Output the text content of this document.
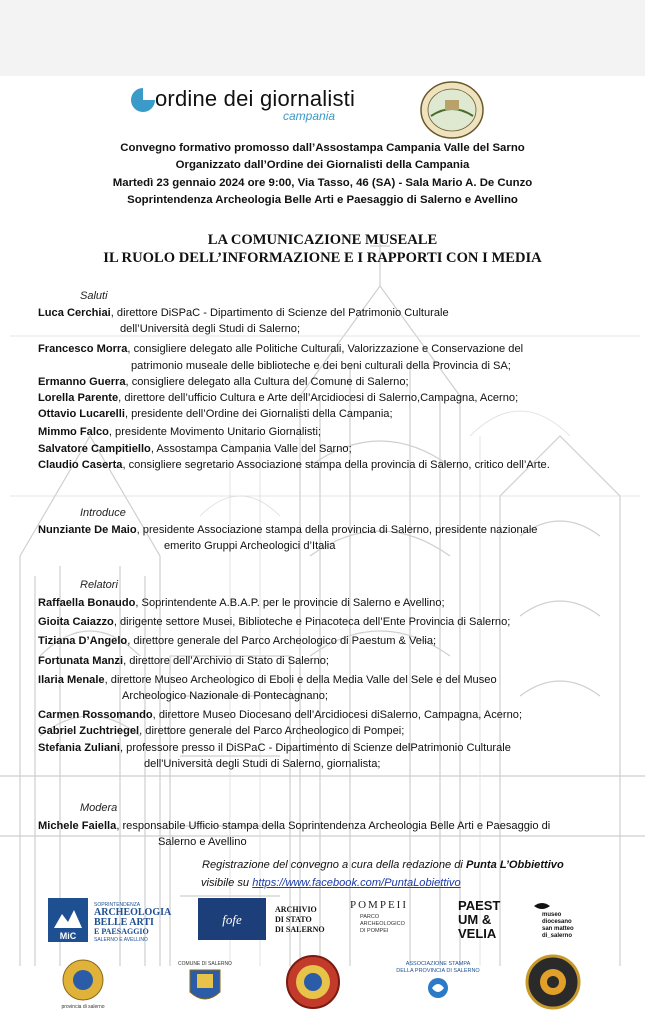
ordine dei giornalisti
campania
Convegno formativo promosso dall’Assostampa Campania Valle del Sarno
Organizzato dall’Ordine dei Giornalisti della Campania
Martedì 23 gennaio 2024 ore 9:00, Via Tasso, 46 (SA) - Sala Mario A. De Cunzo
Soprintendenza Archeologia Belle Arti e Paesaggio di Salerno e Avellino
LA COMUNICAZIONE MUSEALE
IL RUOLO DELL’INFORMAZIONE E I RAPPORTI CON I MEDIA
Saluti
Luca Cerchiai, direttore DiSPaC - Dipartimento di Scienze del Patrimonio Culturale
dell’Università degli Studi di Salerno;
Francesco Morra, consigliere delegato alle Politiche Culturali, Valorizzazione e Conservazione del
patrimonio museale delle biblioteche e dei beni culturali della Provincia di SA;
Ermanno Guerra, consigliere delegato alla Cultura del Comune di Salerno;
Lorella Parente, direttore dell’ufficio Cultura e Arte dell’Arcidiocesi di Salerno,Campagna, Acerno;
Ottavio Lucarelli, presidente dell’Ordine dei Giornalisti della Campania;
Mimmo Falco, presidente Movimento Unitario Giornalisti;
Salvatore Campitiello, Assostampa Campania Valle del Sarno;
Claudio Caserta, consigliere segretario Associazione stampa della provincia di Salerno, critico dell’Arte.
Introduce
Nunziante De Maio, presidente Associazione stampa della provincia di Salerno, presidente nazionale
emerito Gruppi Archeologici d’Italia
Relatori
Raffaella Bonaudo, Soprintendente A.B.A.P. per le provincie di Salerno e Avellino;
Gioita Caiazzo, dirigente settore Musei, Biblioteche e Pinacoteca dell’Ente Provincia di Salerno;
Tiziana D’Angelo, direttore generale del Parco Archeologico di Paestum & Velia;
Fortunata Manzi, direttore dell’Archivio di Stato di Salerno;
Ilaria Menale, direttore Museo Archeologico di Eboli e della Media Valle del Sele e del Museo
Archeologico Nazionale di Pontecagnano;
Carmen Rossomando, direttore Museo Diocesano dell’Arcidiocesi diSalerno, Campagna, Acerno;
Gabriel Zuchtriegel, direttore generale del Parco Archeologico di Pompei;
Stefania Zuliani, professore presso il DiSPaC - Dipartimento di Scienze delPatrimonio Culturale
dell'Università degli Studi di Salerno, giornalista;
Modera
Michele Faiella, responsabile Ufficio stampa della Soprintendenza Archeologia Belle Arti e Paesaggio di
Salerno e Avellino
Registrazione del convegno a cura della redazione di Punta L’Obbiettivo
visibile su https://www.facebook.com/PuntaLobiettivo
MiC
SOPRINTENDENZA
ARCHEOLOGIA
BELLE ARTI
E PAESAGGIO
SALERNO E AVELLINO
fofe
ARCHIVIO
DI STATO
DI SALERNO
POMPEII
PARCO
ARCHEOLOGICO
DI POMPEI
PAEST
UM &
VELIA
museo
diocesano
san matteo
di_salerno
provincia di salerno
COMUNE DI SALERNO	ASSOCIAZIONE STAMPA
DELLA PROVINCIA DI SALERNO
